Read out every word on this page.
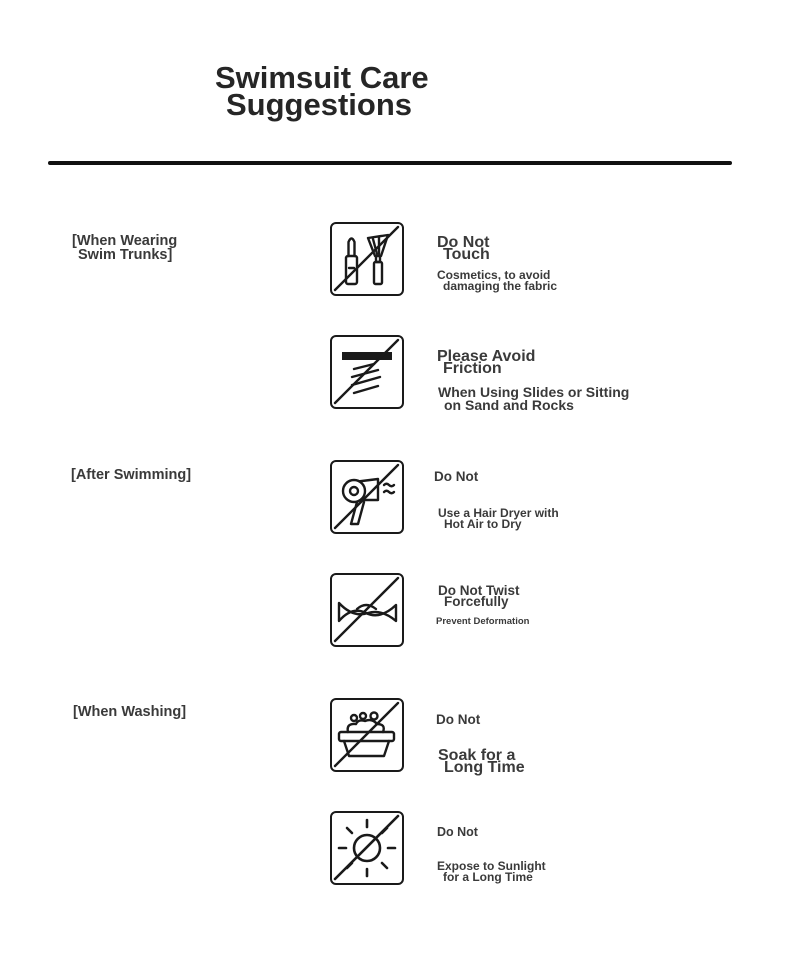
Swimsuit Care
Suggestions
[When Wearing
Swim Trunks]
[After Swimming]
[When Washing]
Do Not
Touch
Cosmetics, to avoid
damaging the fabric
Please Avoid
Friction
When Using Slides or Sitting
on Sand and Rocks
Do Not
Use a Hair Dryer with
Hot Air to Dry
Do Not Twist
Forcefully
Prevent Deformation
Do Not
Soak for a
Long Time
Do Not
Expose to Sunlight
for a Long Time
